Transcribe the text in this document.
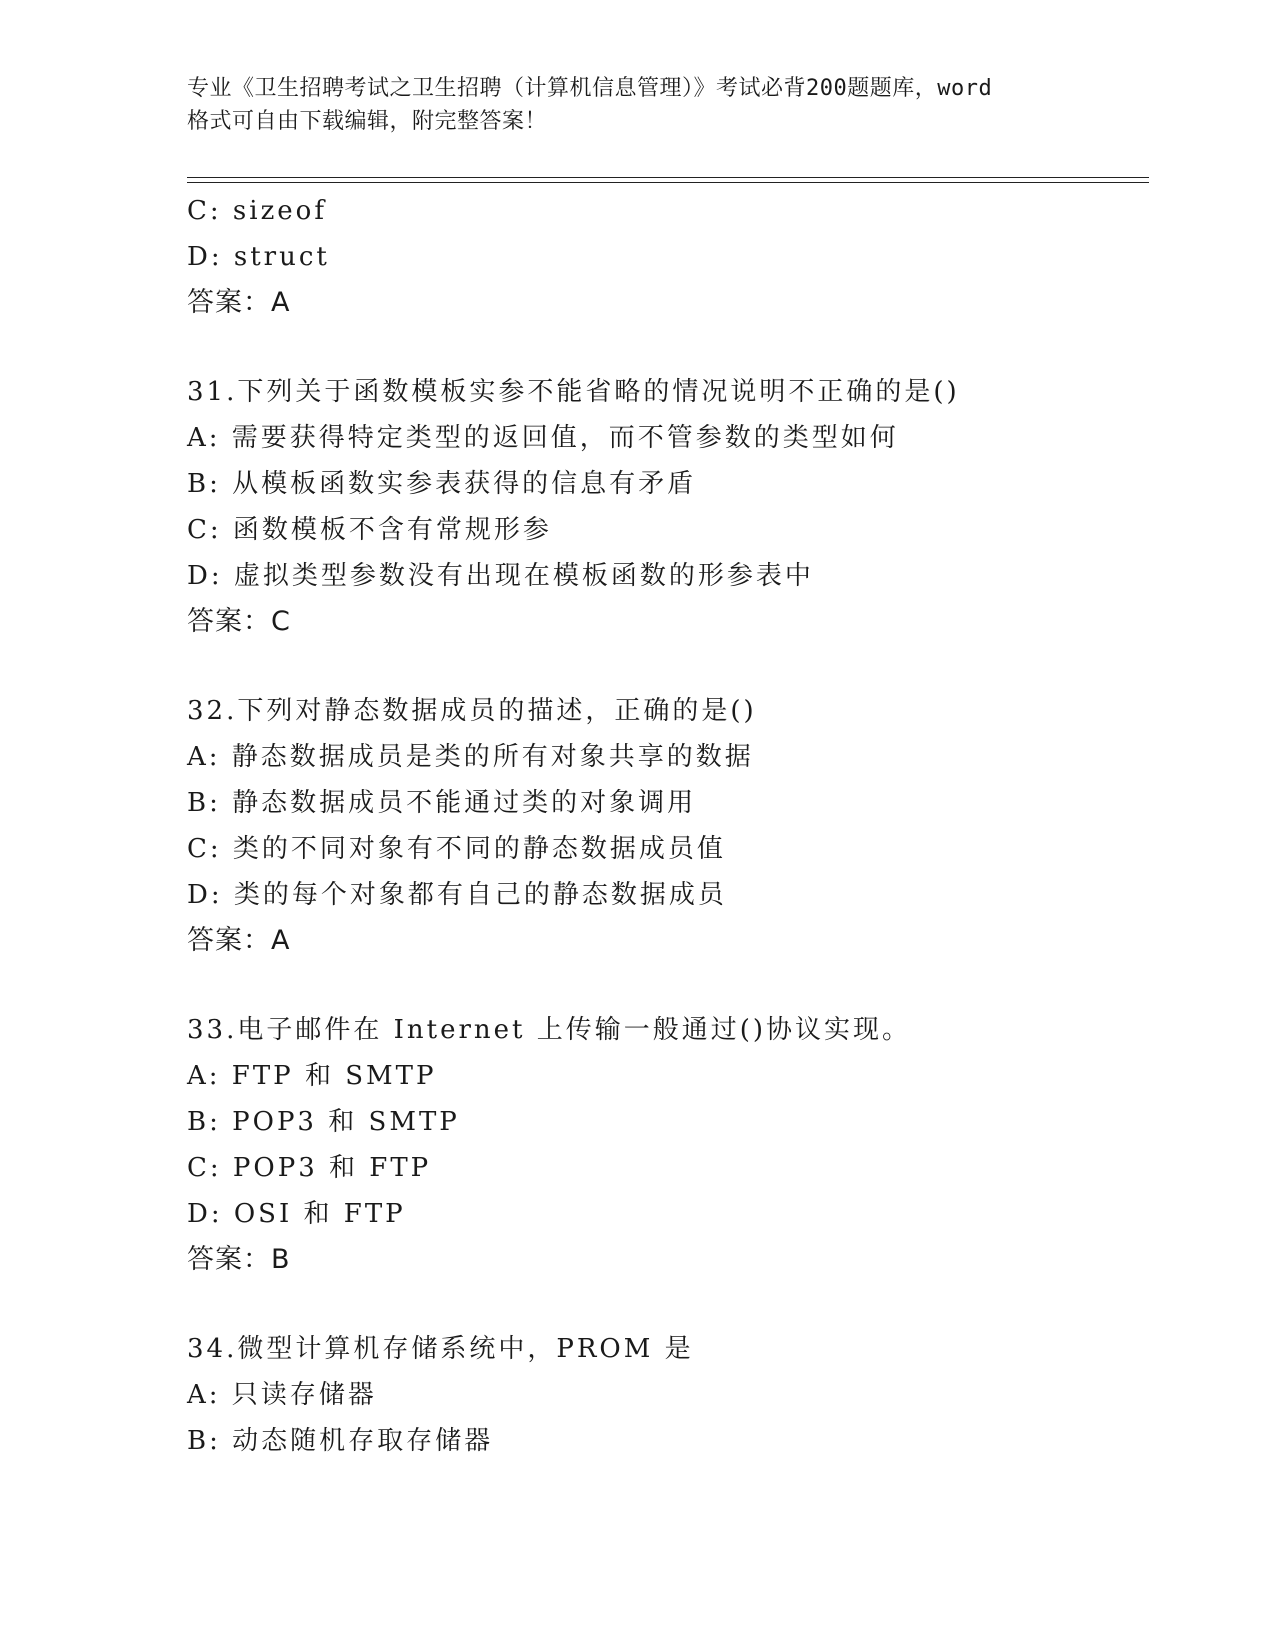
专业《卫生招聘考试之卫生招聘（计算机信息管理）》考试必背200题题库，word
格式可自由下载编辑，附完整答案！
C: sizeof
D: struct
答案：A
31.下列关于函数模板实参不能省略的情况说明不正确的是()
A: 需要获得特定类型的返回值，而不管参数的类型如何
B: 从模板函数实参表获得的信息有矛盾
C: 函数模板不含有常规形参
D: 虚拟类型参数没有出现在模板函数的形参表中
答案：C
32.下列对静态数据成员的描述，正确的是()
A: 静态数据成员是类的所有对象共享的数据
B: 静态数据成员不能通过类的对象调用
C: 类的不同对象有不同的静态数据成员值
D: 类的每个对象都有自己的静态数据成员
答案：A
33.电子邮件在 Internet 上传输一般通过()协议实现。
A: FTP 和 SMTP
B: POP3 和 SMTP
C: POP3 和 FTP
D: OSI 和 FTP
答案：B
34.微型计算机存储系统中，PROM 是
A: 只读存储器
B: 动态随机存取存储器
